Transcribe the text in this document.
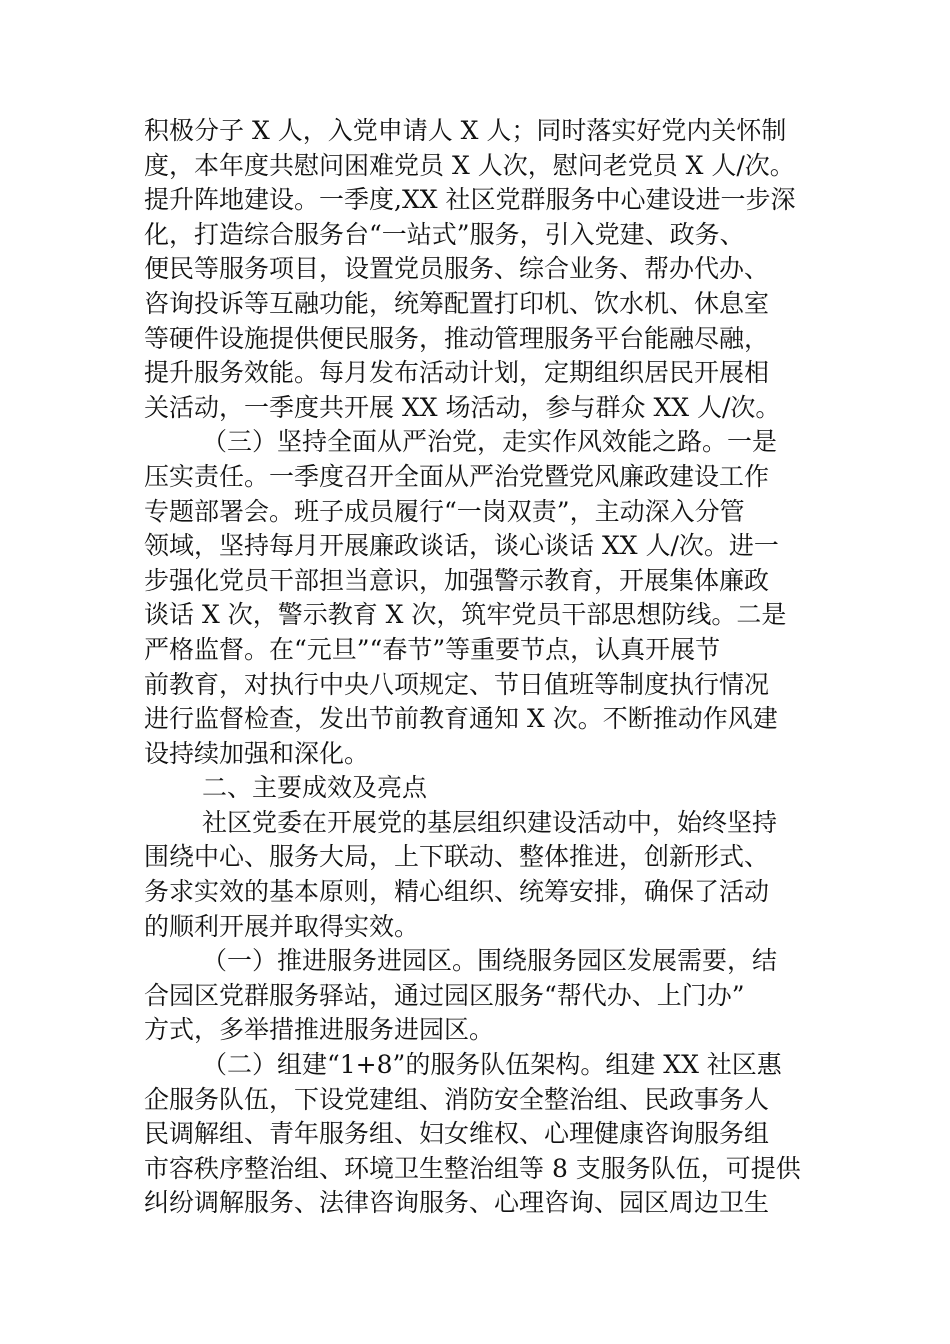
积极分子 X 人，入党申请人 X 人；同时落实好党内关怀制
度，本年度共慰问困难党员 X 人次，慰问老党员 X 人/次。
提升阵地建设。一季度,XX 社区党群服务中心建设进一步深
化，打造综合服务台“一站式”服务，引入党建、政务、
便民等服务项目，设置党员服务、综合业务、帮办代办、
咨询投诉等互融功能，统筹配置打印机、饮水机、休息室
等硬件设施提供便民服务，推动管理服务平台能融尽融，
提升服务效能。每月发布活动计划，定期组织居民开展相
关活动，一季度共开展 XX 场活动，参与群众 XX 人/次。
（三）坚持全面从严治党，走实作风效能之路。一是
压实责任。一季度召开全面从严治党暨党风廉政建设工作
专题部署会。班子成员履行“一岗双责”，主动深入分管
领域，坚持每月开展廉政谈话，谈心谈话 XX 人/次。进一
步强化党员干部担当意识，加强警示教育，开展集体廉政
谈话 X 次，警示教育 X 次，筑牢党员干部思想防线。二是
严格监督。在“元旦”“春节”等重要节点，认真开展节
前教育，对执行中央八项规定、节日值班等制度执行情况
进行监督检查，发出节前教育通知 X 次。不断推动作风建
设持续加强和深化。
二、主要成效及亮点
社区党委在开展党的基层组织建设活动中，始终坚持
围绕中心、服务大局，上下联动、整体推进，创新形式、
务求实效的基本原则，精心组织、统筹安排，确保了活动
的顺利开展并取得实效。
（一）推进服务进园区。围绕服务园区发展需要，结
合园区党群服务驿站，通过园区服务“帮代办、上门办”
方式，多举措推进服务进园区。
（二）组建“1+8”的服务队伍架构。组建 XX 社区惠
企服务队伍，下设党建组、消防安全整治组、民政事务人
民调解组、青年服务组、妇女维权、心理健康咨询服务组
市容秩序整治组、环境卫生整治组等 8 支服务队伍，可提供
纠纷调解服务、法律咨询服务、心理咨询、园区周边卫生
